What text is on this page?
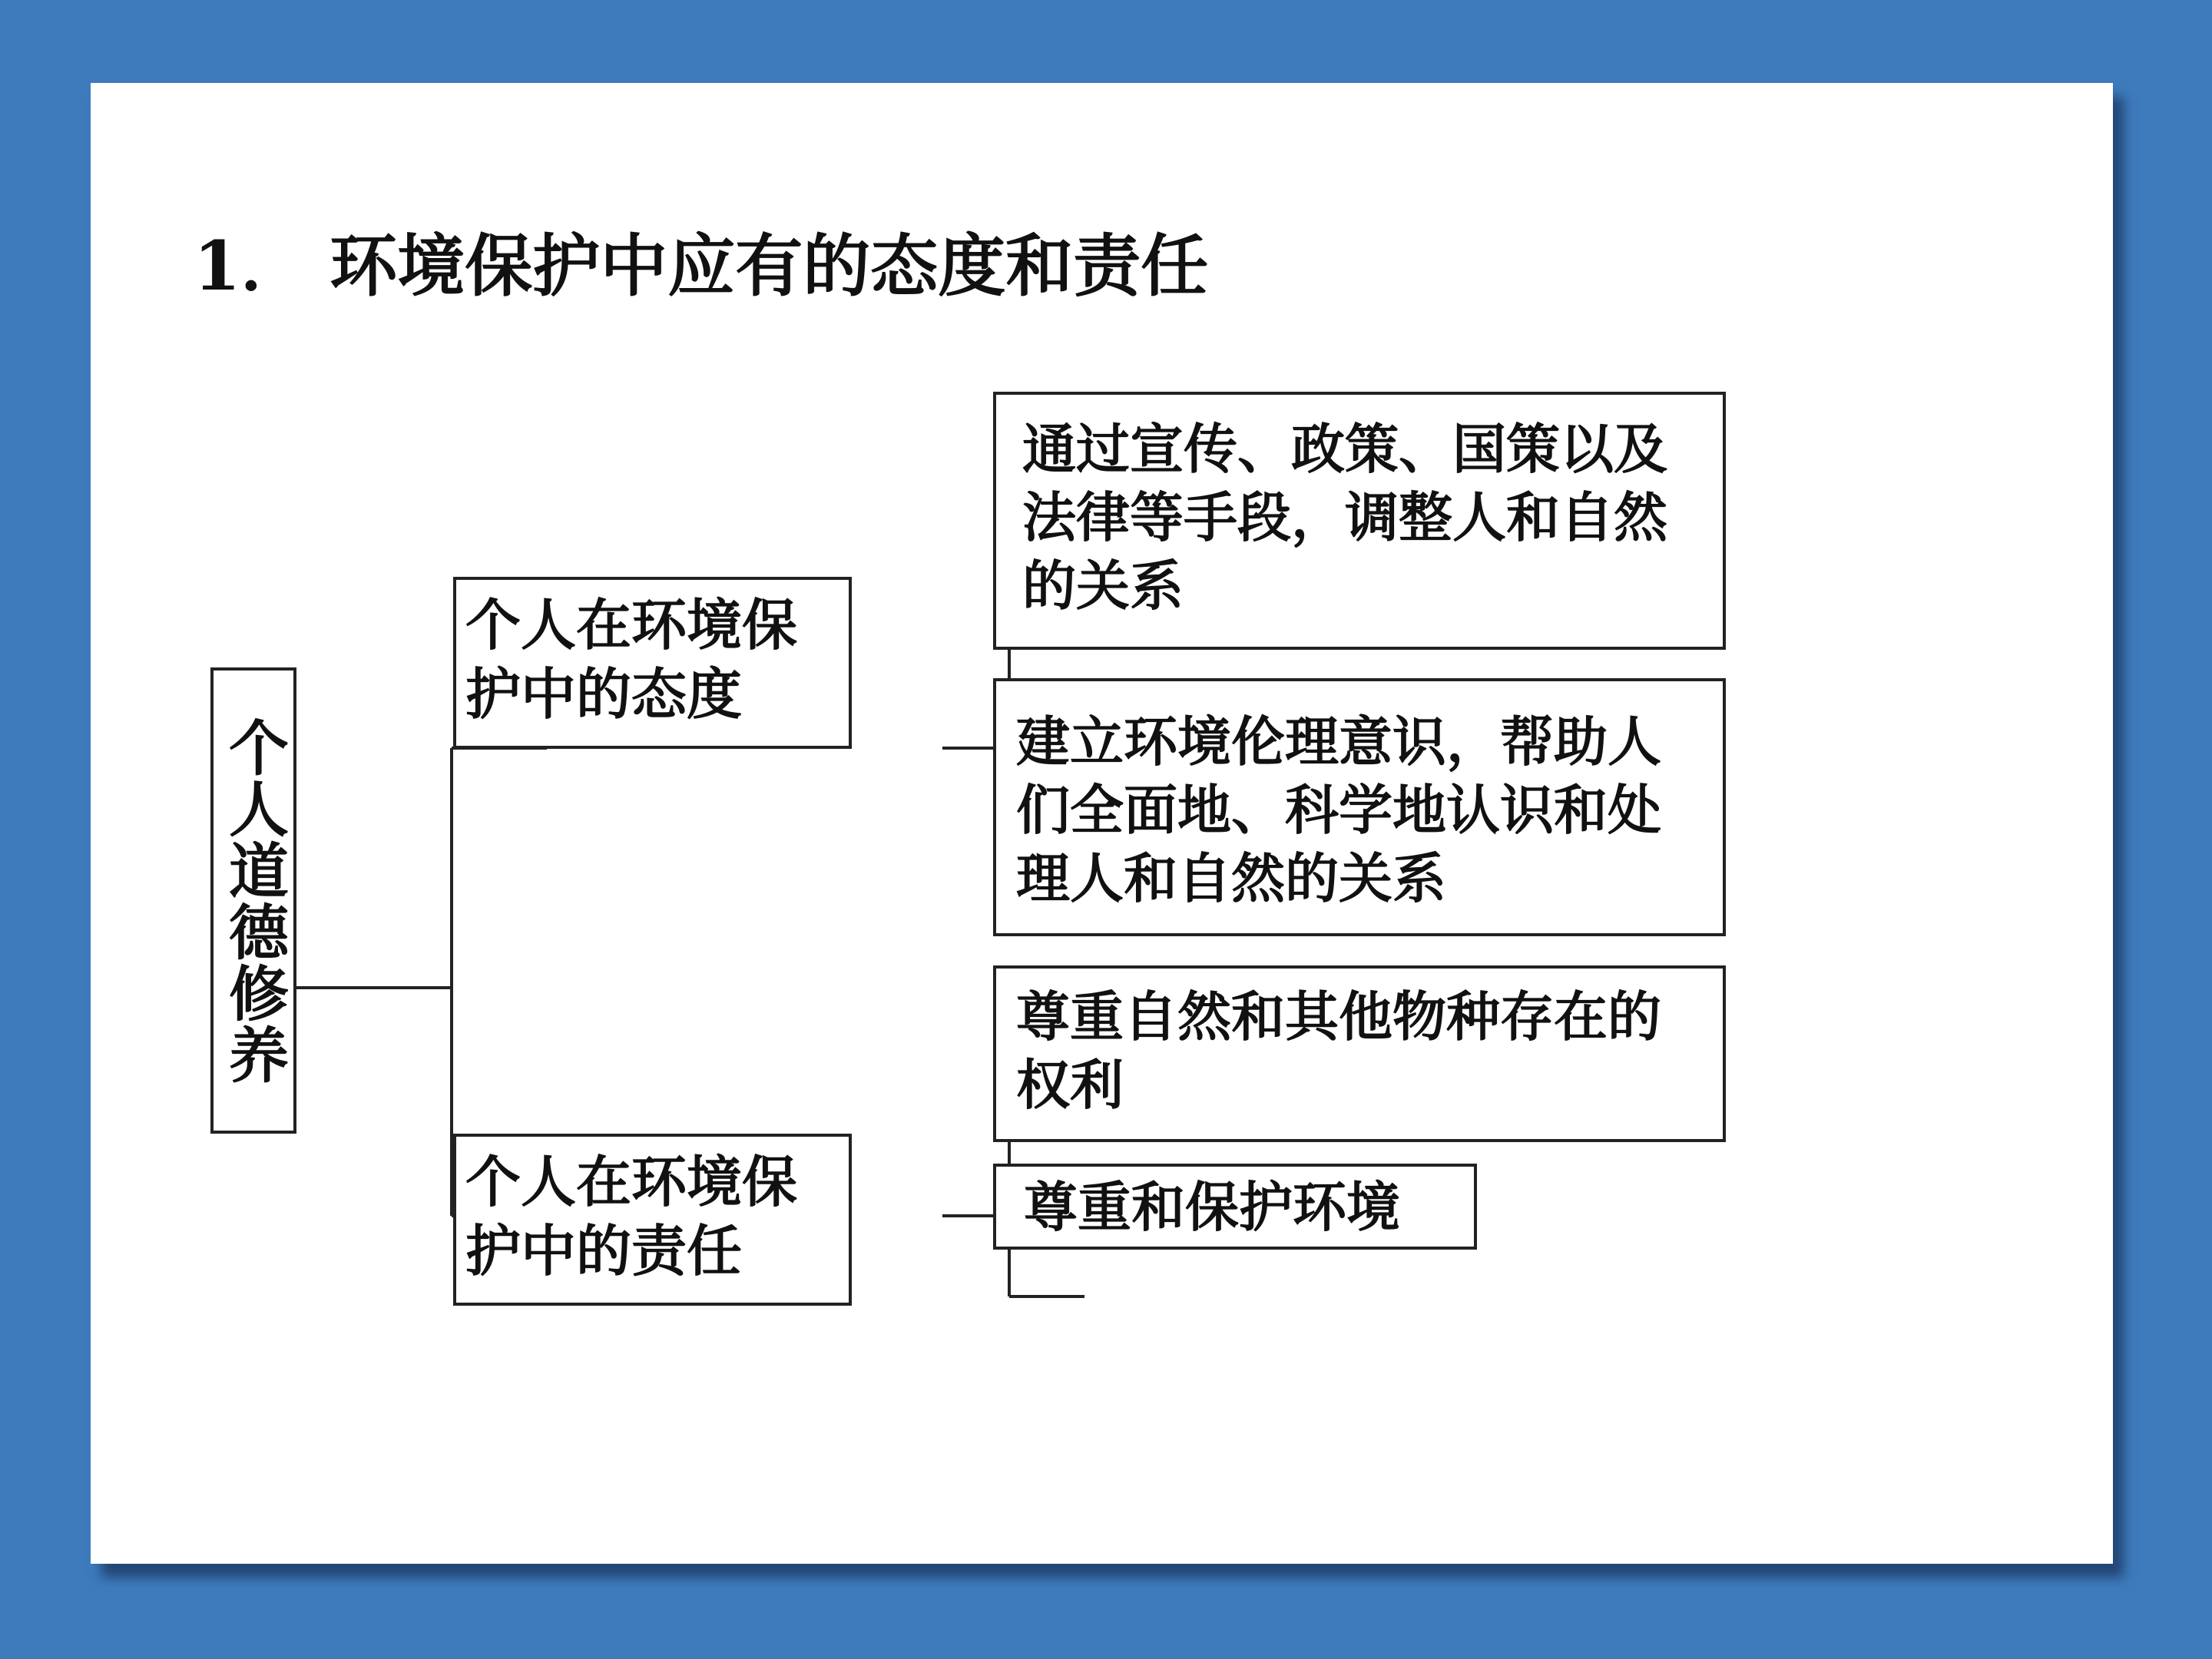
1． 环境保护中应有的态度和责任
个人道德修养
个人在环境保护中的态度
个人在环境保护中的责任
通过宣传、政策、国策以及法律等手段，调整人和自然的关系
建立环境伦理意识，帮助人们全面地、科学地认识和处理人和自然的关系
尊重自然和其他物种存在的权利
尊重和保护环境
